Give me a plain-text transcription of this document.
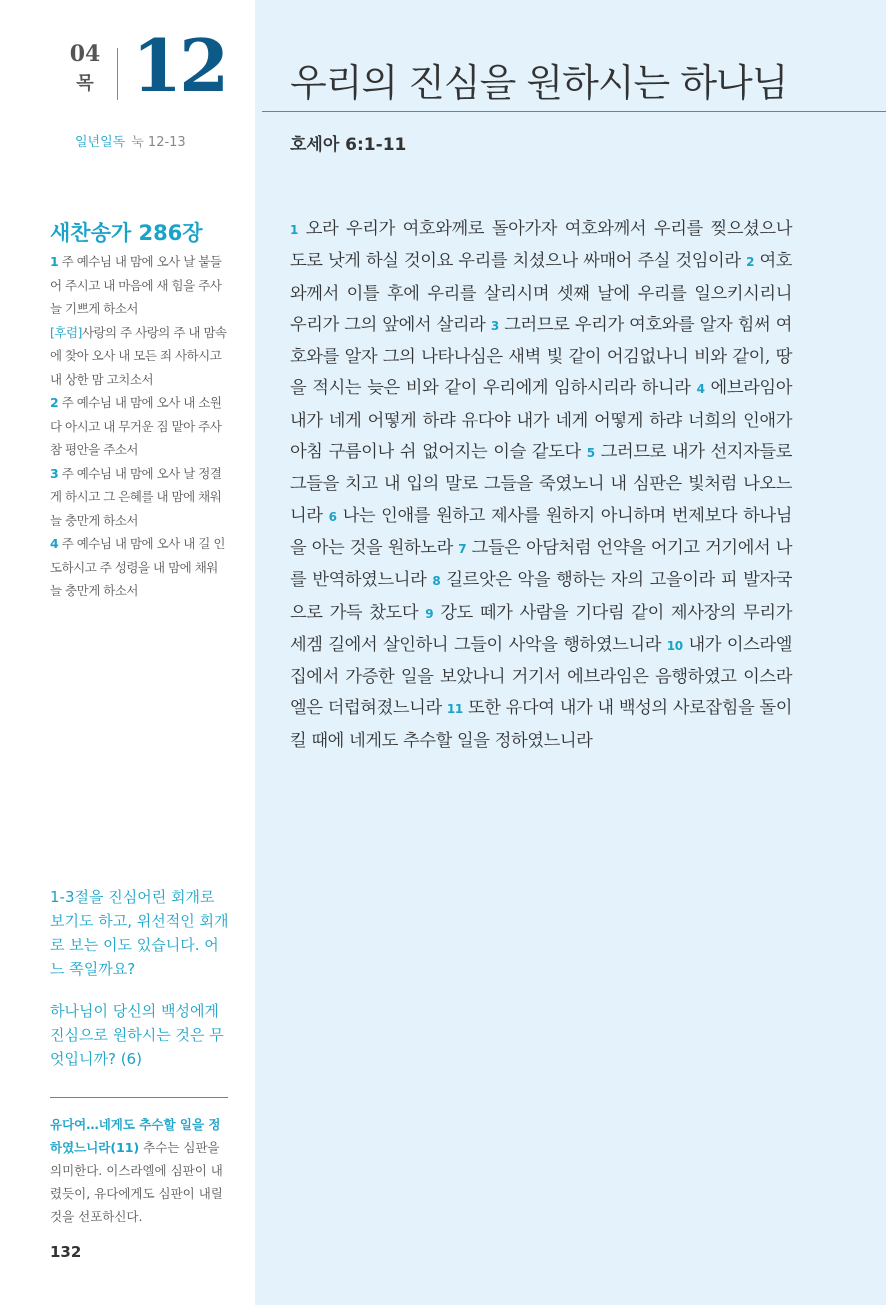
04
목 12
일년일독 눅 12-13
새찬송가 286장
1 주 예수님 내 맘에 오사 날 붙들어 주시고 내 마음에 새 힘을 주사 늘 기쁘게 하소서
[후렴]사랑의 주 사랑의 주 내 맘속에 찾아 오사 내 모든 죄 사하시고 내 상한 맘 고치소서
2 주 예수님 내 맘에 오사 내 소원 다 아시고 내 무거운 짐 맡아 주사 참 평안을 주소서
3 주 예수님 내 맘에 오사 날 정결게 하시고 그 은혜를 내 맘에 채워 늘 충만게 하소서
4 주 예수님 내 맘에 오사 내 길 인도하시고 주 성령을 내 맘에 채워 늘 충만게 하소서

1-3절을 진심어린 회개로 보기도 하고, 위선적인 회개로 보는 이도 있습니다. 어느 쪽일까요?

하나님이 당신의 백성에게 진심으로 원하시는 것은 무엇입니까? (6)

유다여…네게도 추수할 일을 정하였느니라(11) 추수는 심판을 의미한다. 이스라엘에 심판이 내렸듯이, 유다에게도 심판이 내릴 것을 선포하신다.
132
우리의 진심을 원하시는 하나님
호세아 6:1-11
1 오라 우리가 여호와께로 돌아가자 여호와께서 우리를 찢으셨으나 도로 낫게 하실 것이요 우리를 치셨으나 싸매어 주실 것임이라 2 여호와께서 이틀 후에 우리를 살리시며 셋째 날에 우리를 일으키시리니 우리가 그의 앞에서 살리라 3 그러므로 우리가 여호와를 알자 힘써 여호와를 알자 그의 나타나심은 새벽 빛 같이 어김없나니 비와 같이, 땅을 적시는 늦은 비와 같이 우리에게 임하시리라 하니라 4 에브라임아 내가 네게 어떻게 하랴 유다야 내가 네게 어떻게 하랴 너희의 인애가 아침 구름이나 쉬 없어지는 이슬 같도다 5 그러므로 내가 선지자들로 그들을 치고 내 입의 말로 그들을 죽였노니 내 심판은 빛처럼 나오느니라 6 나는 인애를 원하고 제사를 원하지 아니하며 번제보다 하나님을 아는 것을 원하노라 7 그들은 아담처럼 언약을 어기고 거기에서 나를 반역하였느니라 8 길르앗은 악을 행하는 자의 고을이라 피 발자국으로 가득 찼도다 9 강도 떼가 사람을 기다림 같이 제사장의 무리가 세겜 길에서 살인하니 그들이 사악을 행하였느니라 10 내가 이스라엘 집에서 가증한 일을 보았나니 거기서 에브라임은 음행하였고 이스라엘은 더럽혀졌느니라 11 또한 유다여 내가 내 백성의 사로잡힘을 돌이킬 때에 네게도 추수할 일을 정하였느니라
